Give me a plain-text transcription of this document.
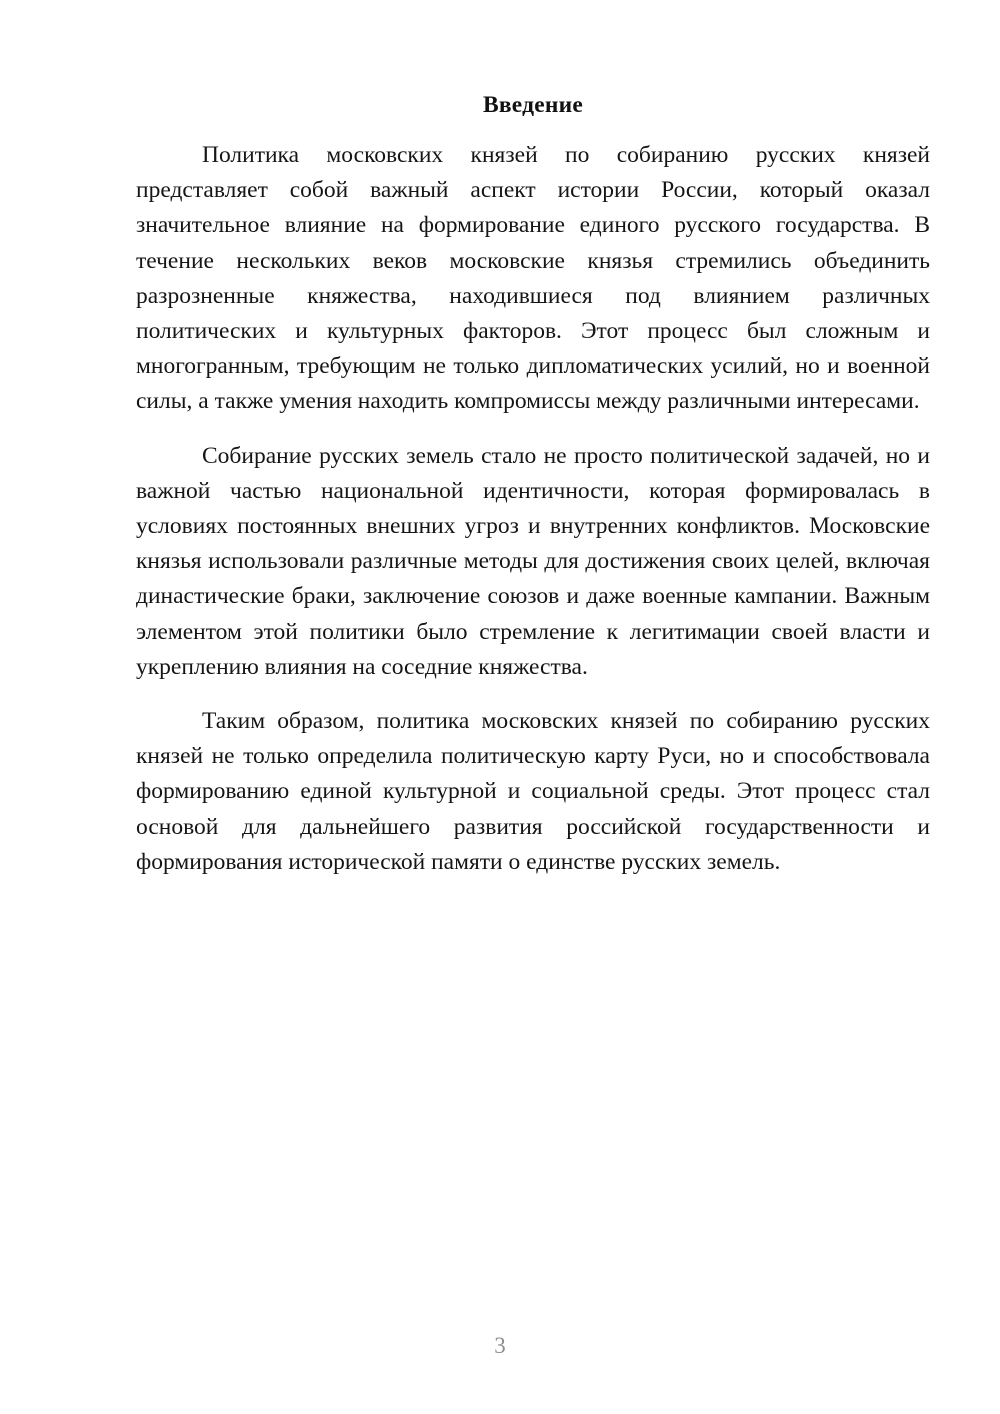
Введение

Политика московских князей по собиранию русских князей представляет собой важный аспект истории России, который оказал значительное влияние на формирование единого русского государства. В течение нескольких веков московские князья стремились объединить разрозненные княжества, находившиеся под влиянием различных политических и культурных факторов. Этот процесс был сложным и многогранным, требующим не только дипломатических усилий, но и военной силы, а также умения находить компромиссы между различными интересами.

Собирание русских земель стало не просто политической задачей, но и важной частью национальной идентичности, которая формировалась в условиях постоянных внешних угроз и внутренних конфликтов. Московские князья использовали различные методы для достижения своих целей, включая династические браки, заключение союзов и даже военные кампании. Важным элементом этой политики было стремление к легитимации своей власти и укреплению влияния на соседние княжества.

Таким образом, политика московских князей по собиранию русских князей не только определила политическую карту Руси, но и способствовала формированию единой культурной и социальной среды. Этот процесс стал основой для дальнейшего развития российской государственности и формирования исторической памяти о единстве русских земель.

3
